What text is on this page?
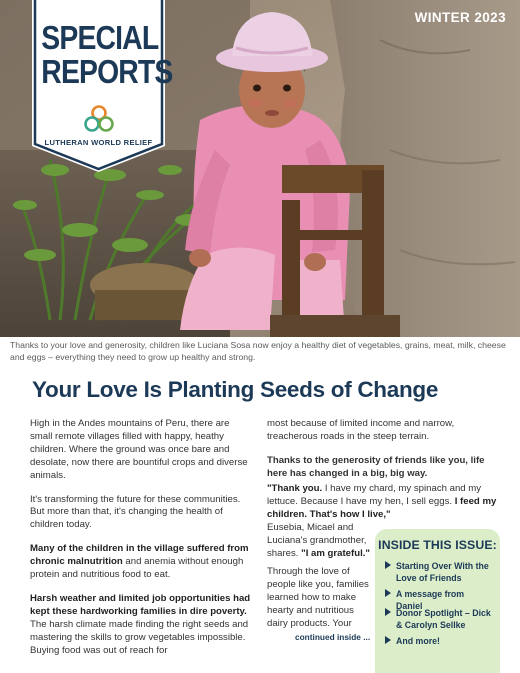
SPECIAL
REPORTS
LUTHERAN WORLD RELIEF
WINTER 2023
Thanks to your love and generosity, children like Luciana Sosa now enjoy a healthy diet of vegetables, grains, meat, milk, cheese and eggs – everything they need to grow up healthy and strong.
Your Love Is Planting Seeds of Change

High in the Andes mountains of Peru, there are small remote villages filled with happy, heathy children. Where the ground was once bare and desolate, now there are bountiful crops and diverse animals.

It's transforming the future for these communities. But more than that, it's changing the health of children today.

Many of the children in the village suffered from chronic malnutrition and anemia without enough protein and nutritious food to eat.

Harsh weather and limited job opportunities had kept these hardworking families in dire poverty. The harsh climate made finding the right seeds and mastering the skills to grow vegetables impossible. Buying food was out of reach for

most because of limited income and narrow, treacherous roads in the steep terrain.

Thanks to the generosity of friends like you, life here has changed in a big, big way.

"Thank you. I have my chard, my spinach and my lettuce. Because I have my hen, I sell eggs. I feed my children. That's how I live,"
Eusebia, Micael and Luciana's grandmother, shares. "I am grateful."
Through the love of people like you, families learned how to make hearty and nutritious dairy products. Your
continued inside ...
INSIDE THIS ISSUE:
Starting Over With the Love of Friends
A message from Daniel
Donor Spotlight – Dick & Carolyn Sellke
And more!
